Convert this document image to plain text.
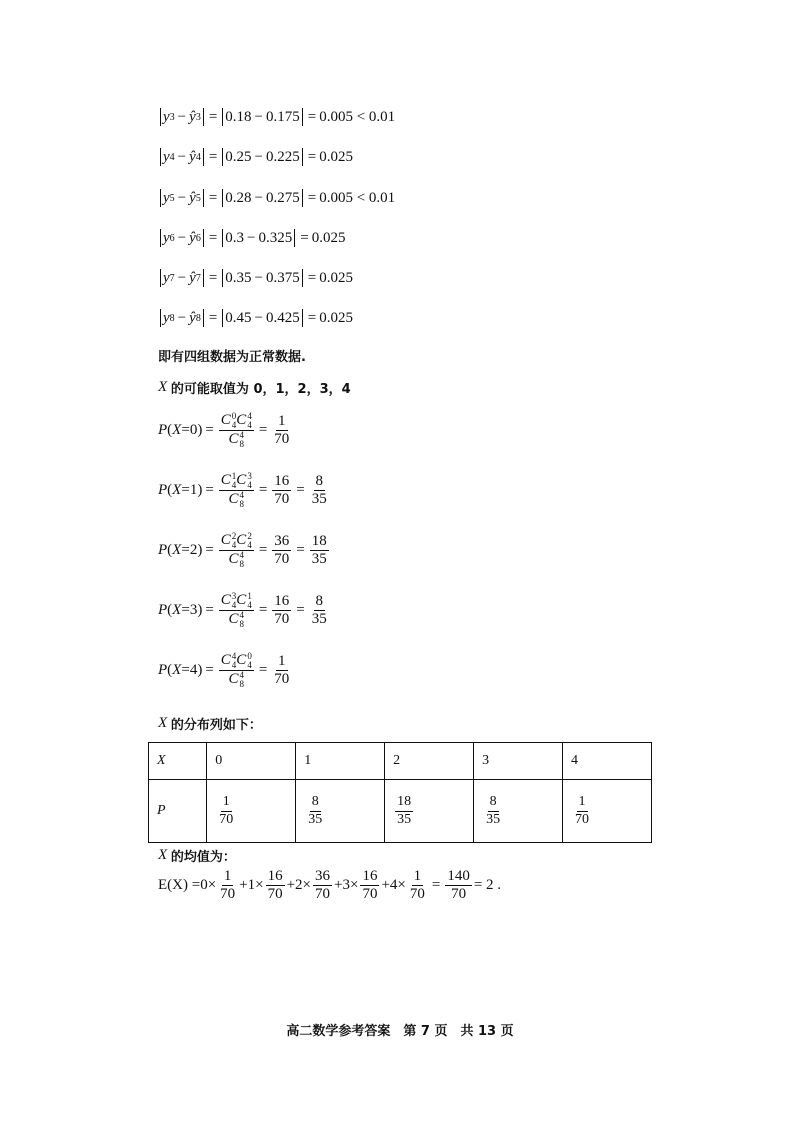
y 3 − ŷ 3 = 0.18 − 0.175 = 0.005 < 0.01
y 4 − ŷ 4 = 0.25 − 0.225 = 0.025
y 5 − ŷ 5 = 0.28 − 0.275 = 0.005 < 0.01
y 6 − ŷ 6 = 0.3 − 0.325 = 0.025
y 7 − ŷ 7 = 0.35 − 0.375 = 0.025
y 8 − ŷ 8 = 0.45 − 0.425 = 0.025
即有四组数据为正常数据.
X
的可能取值为 0，1，2，3，4
P ( X = 0 ) = C 0
4 C 4
4
C 4
$8 = \frac{1}{70}$
P ( X = 1 ) = C 1
4 C 3
4
C 4
$8 = \frac{16}{70} = \frac{8}{35}$
P ( X = 2 ) = C 2
4 C 2
4
C 4
$8 = \frac{36}{70} = \frac{18}{35}$
P ( X = 3 ) = C 3
4 C 1
4
C 4
$8 = \frac{16}{70} = \frac{8}{35}$
P ( X = 4 ) = C 4
4 C 0
4
C 4
$8 = \frac{1}{70}$
X
的分布列如下：
X	0	1	2	3	4
P	$\frac{1}{70}$	$\frac{8}{35}$	$\frac{18}{35}$	$\frac{8}{35}$	$\frac{1}{70}$
X
的均值为：
$E(X) = 0\times \frac{1}{70} +1\times \frac{16}{70} +2\times \frac{36}{70} +3\times \frac{16}{70} +4\times \frac{1}{70} = \frac{140}{70} = 2$ .
高二数学参考答案　第 7 页　共 13 页
